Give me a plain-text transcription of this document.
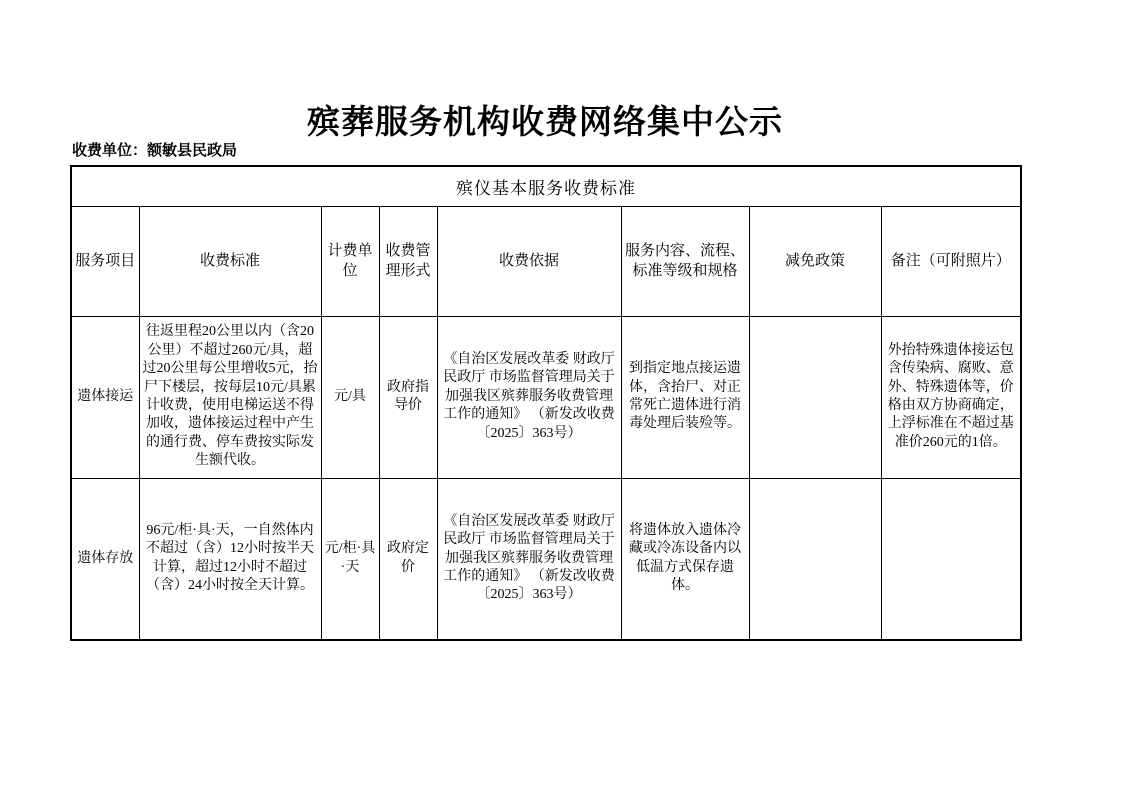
殡葬服务机构收费网络集中公示
收费单位：额敏县民政局
殡仪基本服务收费标准							
服务项目	收费标准	计费单位	收费管理形式	收费依据	服务内容、流程、标准等级和规格	减免政策	备注（可附照片）
遗体接运	往返里程20公里以内（含20公里）不超过260元/具，超过20公里每公里增收5元，抬尸下楼层，按每层10元/具累计收费，使用电梯运送不得加收，遗体接运过程中产生的通行费、停车费按实际发生额代收。	元/具	政府指导价	《自治区发展改革委 财政厅 民政厅 市场监督管理局关于加强我区殡葬服务收费管理工作的通知》 （新发改收费〔2025〕363号）	到指定地点接运遗体，含抬尸、对正常死亡遗体进行消毒处理后装殓等。		外抬特殊遗体接运包含传染病、腐败、意外、特殊遗体等，价格由双方协商确定，上浮标准在不超过基准价260元的1倍。
遗体存放	96元/柜·具·天，一自然体内不超过（含）12小时按半天计算，超过12小时不超过（含）24小时按全天计算。	元/柜·具·天	政府定价	《自治区发展改革委 财政厅 民政厅 市场监督管理局关于加强我区殡葬服务收费管理工作的通知》 （新发改收费〔2025〕363号）	将遗体放入遗体冷藏或冷冻设备内以低温方式保存遗体。		
